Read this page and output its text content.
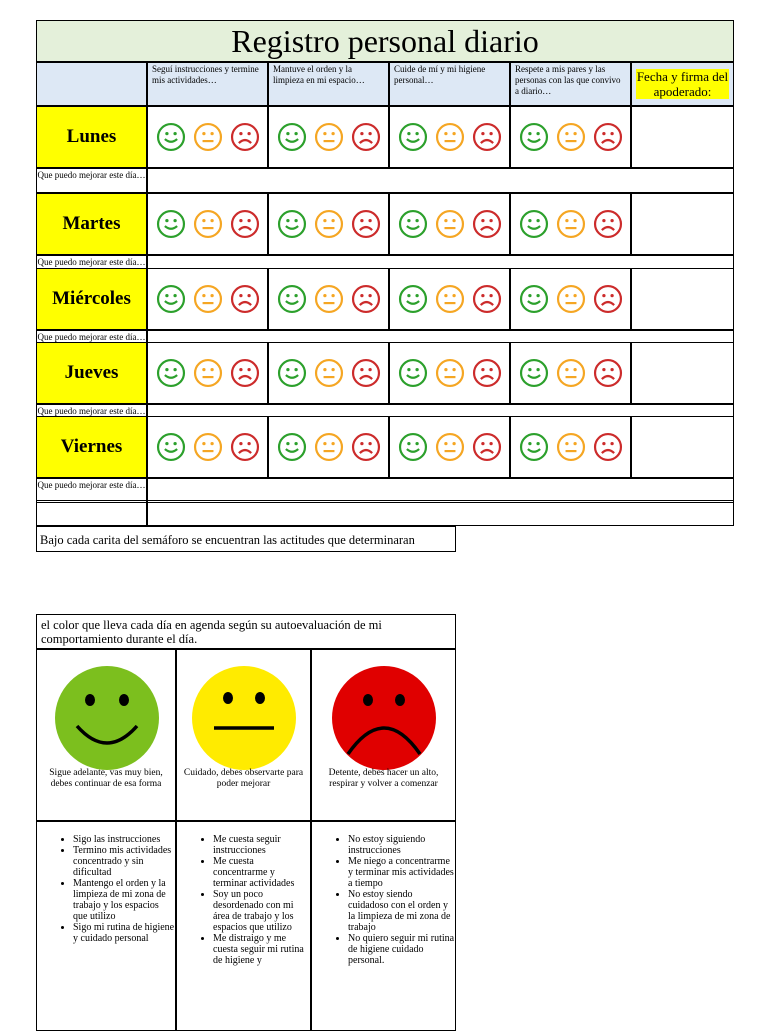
Registro personal diario
Seguí instrucciones y termine mis actividades…
Mantuve el orden y la limpieza en mi espacio…
Cuide de mí y mi higiene personal…
Respete a mis pares y las personas con las que convivo a diario…
Fecha y firma del apoderado:
Lunes
Que puedo mejorar este día…
Martes
Que puedo mejorar este día…
Miércoles
Que puedo mejorar este día…
Jueves
Que puedo mejorar este día…
Viernes
Que puedo mejorar este día…
Bajo cada carita del semáforo se encuentran las actitudes que determinaran
el color que lleva cada día en agenda según su autoevaluación de mi comportamiento durante el día.
Sigue adelante, vas muy bien, debes continuar de esa forma
Cuidado, debes observarte para poder mejorar
Detente, debes hacer un alto, respirar y volver a comenzar
• Sigo las instrucciones
• Termino mis actividades concentrado y sin dificultad
• Mantengo el orden y la limpieza de mi zona de trabajo y los espacios que utilizo
• Sigo mi rutina de higiene y cuidado personal
• Me cuesta seguir instrucciones
• Me cuesta concentrarme y terminar actividades
• Soy un poco desordenado con mi área de trabajo y los espacios que utilizo
• Me distraigo y me cuesta seguir mi rutina de higiene y
• No estoy siguiendo instrucciones
• Me niego a concentrarme y terminar mis actividades a tiempo
• No estoy siendo cuidadoso con el orden y la limpieza de mi zona de trabajo
• No quiero seguir mi rutina de higiene cuidado personal.
